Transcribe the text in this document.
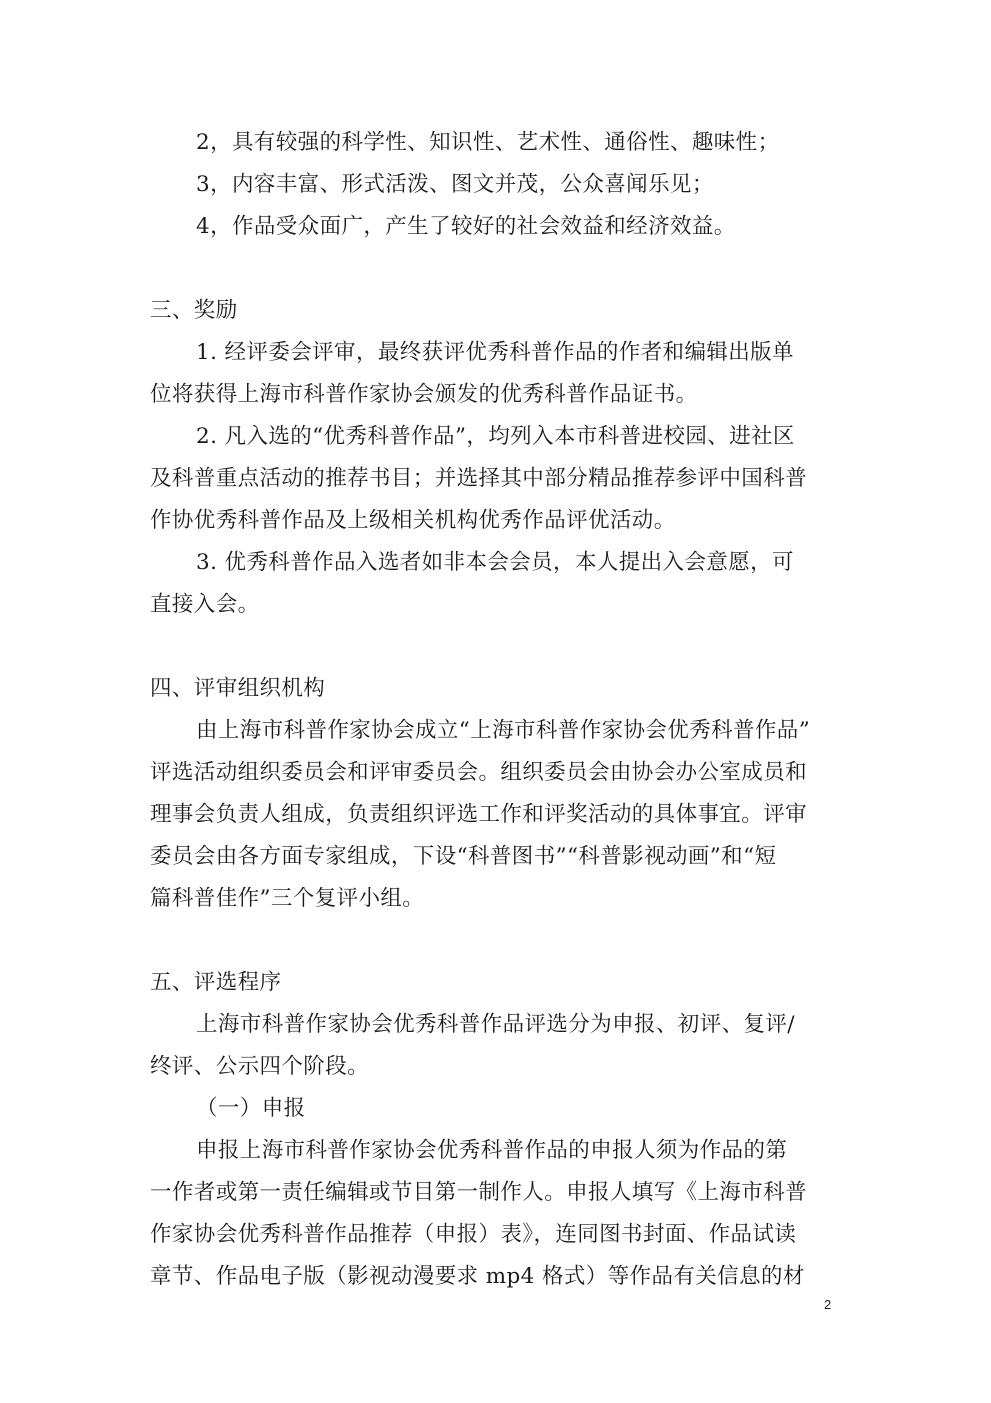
2，具有较强的科学性、知识性、艺术性、通俗性、趣味性；
3，内容丰富、形式活泼、图文并茂，公众喜闻乐见；
4，作品受众面广，产生了较好的社会效益和经济效益。
三、奖励
1. 经评委会评审，最终获评优秀科普作品的作者和编辑出版单
位将获得上海市科普作家协会颁发的优秀科普作品证书。
2. 凡入选的“优秀科普作品”，均列入本市科普进校园、进社区
及科普重点活动的推荐书目；并选择其中部分精品推荐参评中国科普
作协优秀科普作品及上级相关机构优秀作品评优活动。
3. 优秀科普作品入选者如非本会会员，本人提出入会意愿，可
直接入会。
四、评审组织机构
由上海市科普作家协会成立“上海市科普作家协会优秀科普作品”
评选活动组织委员会和评审委员会。组织委员会由协会办公室成员和
理事会负责人组成，负责组织评选工作和评奖活动的具体事宜。评审
委员会由各方面专家组成，下设“科普图书”“科普影视动画”和“短
篇科普佳作”三个复评小组。
五、评选程序
上海市科普作家协会优秀科普作品评选分为申报、初评、复评/
终评、公示四个阶段。
（一）申报
申报上海市科普作家协会优秀科普作品的申报人须为作品的第
一作者或第一责任编辑或节目第一制作人。申报人填写《上海市科普
作家协会优秀科普作品推荐（申报）表》，连同图书封面、作品试读
章节、作品电子版（影视动漫要求 mp4 格式）等作品有关信息的材
2
